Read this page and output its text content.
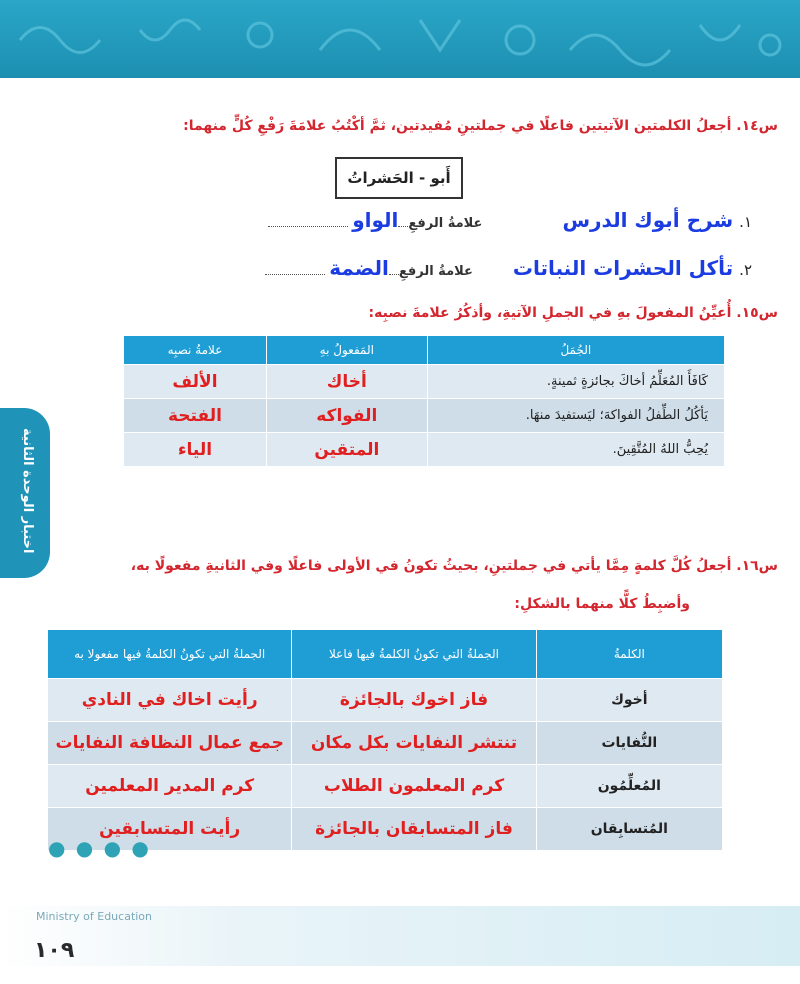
اختبار الوحدة الثانية
س١٤. أجعلُ الكلمتين الآتيتين فاعلًا في جملتينِ مُفيدتين، ثمَّ أكْتُبُ علامَةَ رَفْعِ كُلٍّ منهما:
أَبو - الحَشراتُ
١.
شرح أبوك الدرس
علامةُ الرفعِ
الواو
٢.
تأكل الحشرات النباتات
علامةُ الرفعِ
الضمة
س١٥. أُعيِّنُ المفعولَ بهِ في الجملِ الآتيةِ، وأذكُرُ علامةَ نصبِه:
الجُمَلُ	المَفعولُ بهِ	علامةُ نصبِه
كَافَأَ المُعَلِّمُ أخاكَ بجائزةٍ ثمينةٍ.	أخاك	الألف
يَأكُلُ الطِّفلُ الفواكهَ؛ ليَستفيدَ منهَا.	الفواكه	الفتحة
يُحِبُّ اللهُ المُتَّقِينَ.	المتقين	الياء
س١٦. أجعلُ كُلَّ كلمةٍ مِمَّا يأتي في جملتينِ، بحيثُ تكونُ في الأولى فاعلًا وفي الثانيةِ مفعولًا به،
وأضبِطُ كلًّا منهما بالشكلِ:
الكلمةُ	الجملةُ التي تكونُ الكلمةُ فيها فاعلا	الجملةُ التي تكونُ الكلمةُ فيها مفعولا به
أخوك	فاز اخوك بالجائزة	رأيت اخاك في النادي
النُّفايات	تنتشر النفايات بكل مكان	جمع عمال النظافة النفايات
المُعلِّمُون	كرم المعلمون الطلاب	كرم المدير المعلمين
المُتسابِقان	فاز المتسابقان بالجائزة	رأيت المتسابقين
● ● ● ●
Ministry of Education
١٠٩
